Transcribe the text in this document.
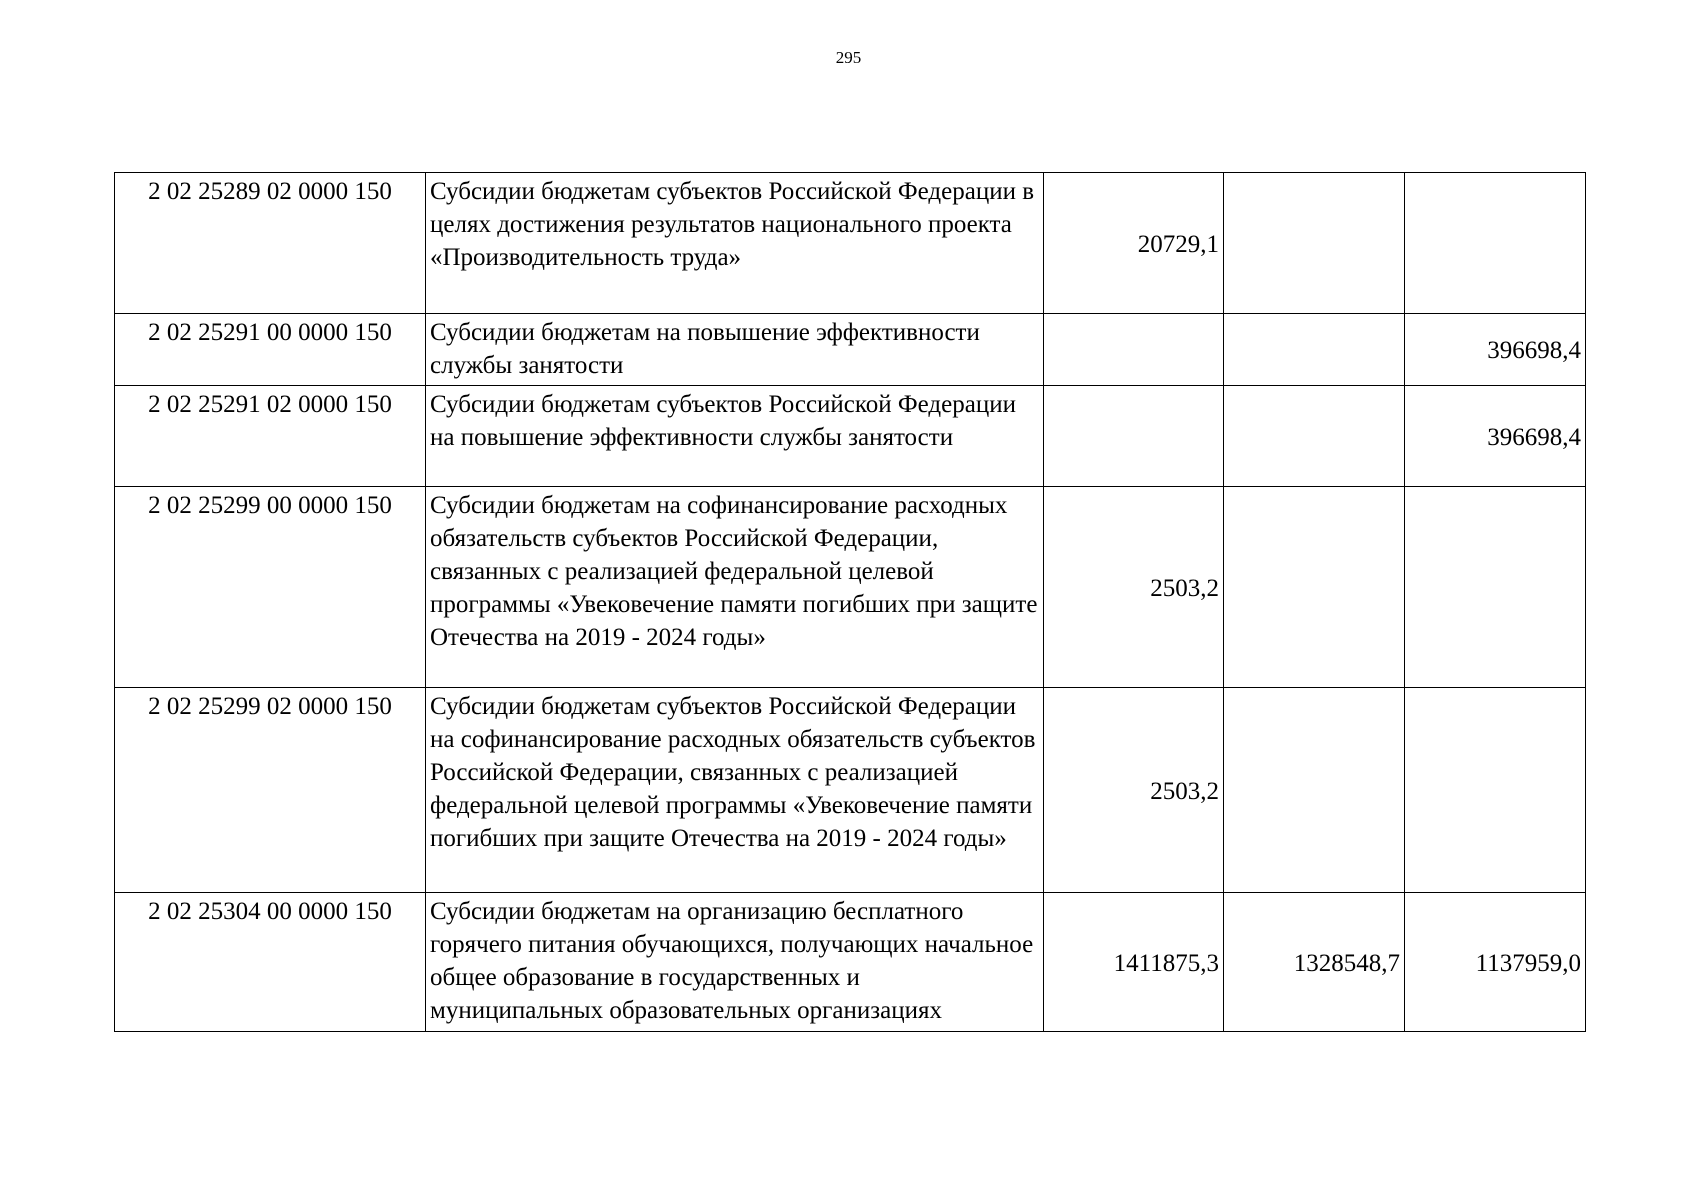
295
2 02 25289 02 0000 150	Субсидии бюджетам субъектов Российской Федерации в целях достижения результатов национального проекта «Производительность труда»	20729,1		
2 02 25291 00 0000 150	Субсидии бюджетам на повышение эффективности службы занятости			396698,4
2 02 25291 02 0000 150	Субсидии бюджетам субъектов Российской Федерации на повышение эффективности службы занятости			396698,4
2 02 25299 00 0000 150	Субсидии бюджетам на софинансирование расходных обязательств субъектов Российской Федерации, связанных с реализацией федеральной целевой программы «Увековечение памяти погибших при защите Отечества на 2019 - 2024 годы»	2503,2		
2 02 25299 02 0000 150	Субсидии бюджетам субъектов Российской Федерации на софинансирование расходных обязательств субъектов Российской Федерации, связанных с реализацией федеральной целевой программы «Увековечение памяти погибших при защите Отечества на 2019 - 2024 годы»	2503,2		
2 02 25304 00 0000 150	Субсидии бюджетам на организацию бесплатного горячего питания обучающихся, получающих начальное общее образование в государственных и муниципальных образовательных организациях	1411875,3	1328548,7	1137959,0
